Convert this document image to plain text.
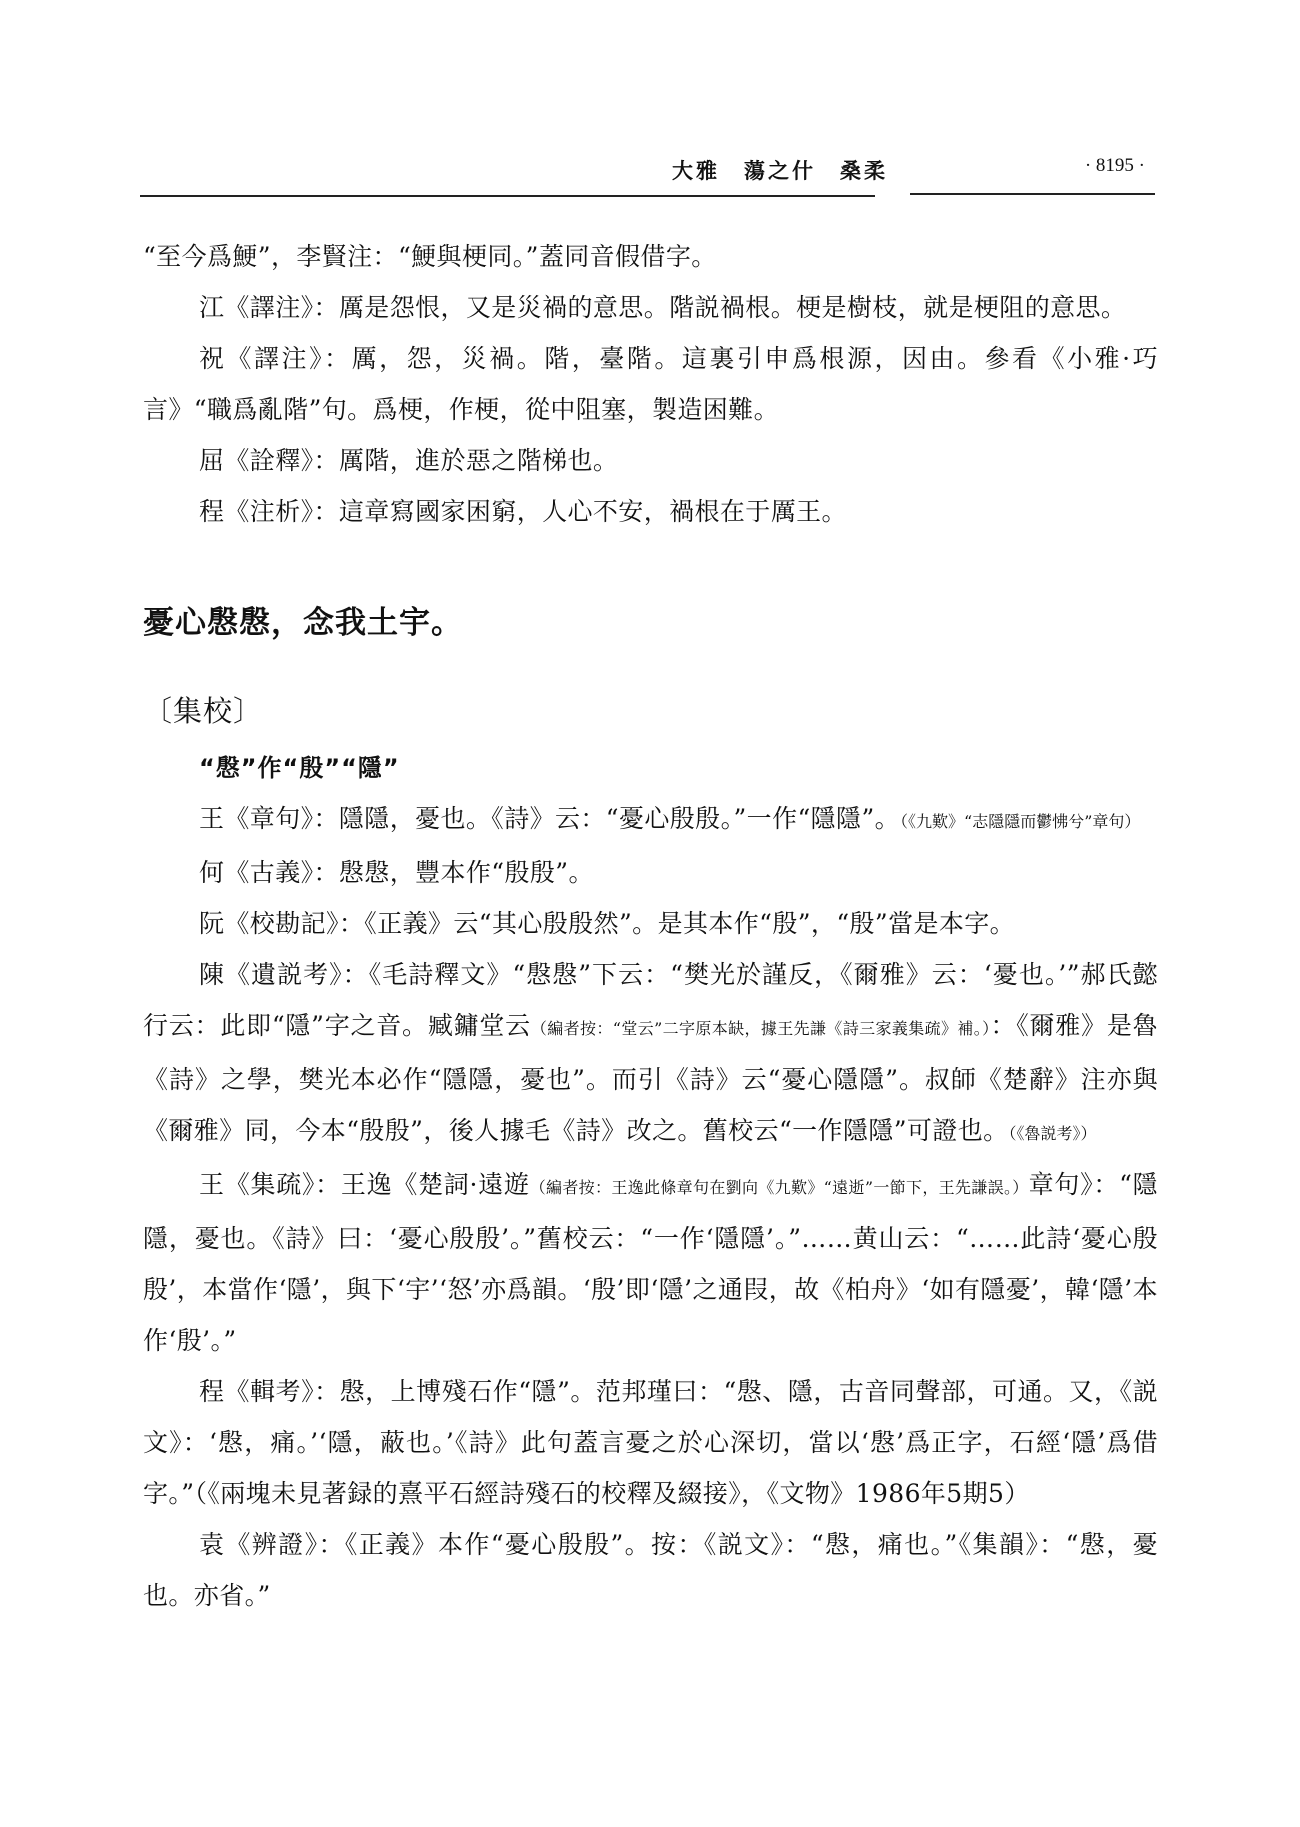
大雅　蕩之什　桑柔	· 8195 ·

“至今爲鯁”，李賢注：“鯁與梗同。”蓋同音假借字。

江《譯注》：厲是怨恨，又是災禍的意思。階説禍根。梗是樹枝，就是梗阻的意思。

祝《譯注》：厲，怨，災禍。階，臺階。這裏引申爲根源，因由。參看《小雅·巧言》“職爲亂階”句。爲梗，作梗，從中阻塞，製造困難。

屈《詮釋》：厲階，進於惡之階梯也。

程《注析》：這章寫國家困窮，人心不安，禍根在于厲王。

憂心慇慇，念我土宇。
〔集校〕
“慇”作“殷”“隱”

王《章句》：隱隱，憂也。《詩》云：“憂心殷殷。”一作“隱隱”。（《九歎》“志隱隱而鬱怫兮”章句）

何《古義》：慇慇，豐本作“殷殷”。

阮《校勘記》：《正義》云“其心殷殷然”。是其本作“殷”，“殷”當是本字。

陳《遺説考》：《毛詩釋文》“慇慇”下云：“樊光於謹反，《爾雅》云：‘憂也。’”郝氏懿行云：此即“隱”字之音。臧鏞堂云（編者按：“堂云”二字原本缺，據王先謙《詩三家義集疏》補。）：《爾雅》是魯《詩》之學，樊光本必作“隱隱，憂也”。而引《詩》云“憂心隱隱”。叔師《楚辭》注亦與《爾雅》同，今本“殷殷”，後人據毛《詩》改之。舊校云“一作隱隱”可證也。（《魯説考》）

王《集疏》：王逸《楚詞·遠遊（編者按：王逸此條章句在劉向《九歎》“遠逝”一節下，王先謙誤。）章句》：“隱隱，憂也。《詩》曰：‘憂心殷殷’。”舊校云：“一作‘隱隱’。”……黄山云：“……此詩‘憂心殷殷’，本當作‘隱’，與下‘宇’‘怒’亦爲韻。‘殷’即‘隱’之通叚，故《柏舟》‘如有隱憂’，韓‘隱’本作‘殷’。”

程《輯考》：慇，上博殘石作“隱”。范邦瑾曰：“慇、隱，古音同聲部，可通。又，《説文》：‘慇，痛。’‘隱，蔽也。’《詩》此句蓋言憂之於心深切，當以‘慇’爲正字，石經‘隱’爲借字。”（《兩塊未見著録的熹平石經詩殘石的校釋及綴接》，《文物》1986年5期5）

袁《辨證》：《正義》本作“憂心殷殷”。按：《説文》：“慇，痛也。”《集韻》：“慇，憂也。亦省。”
